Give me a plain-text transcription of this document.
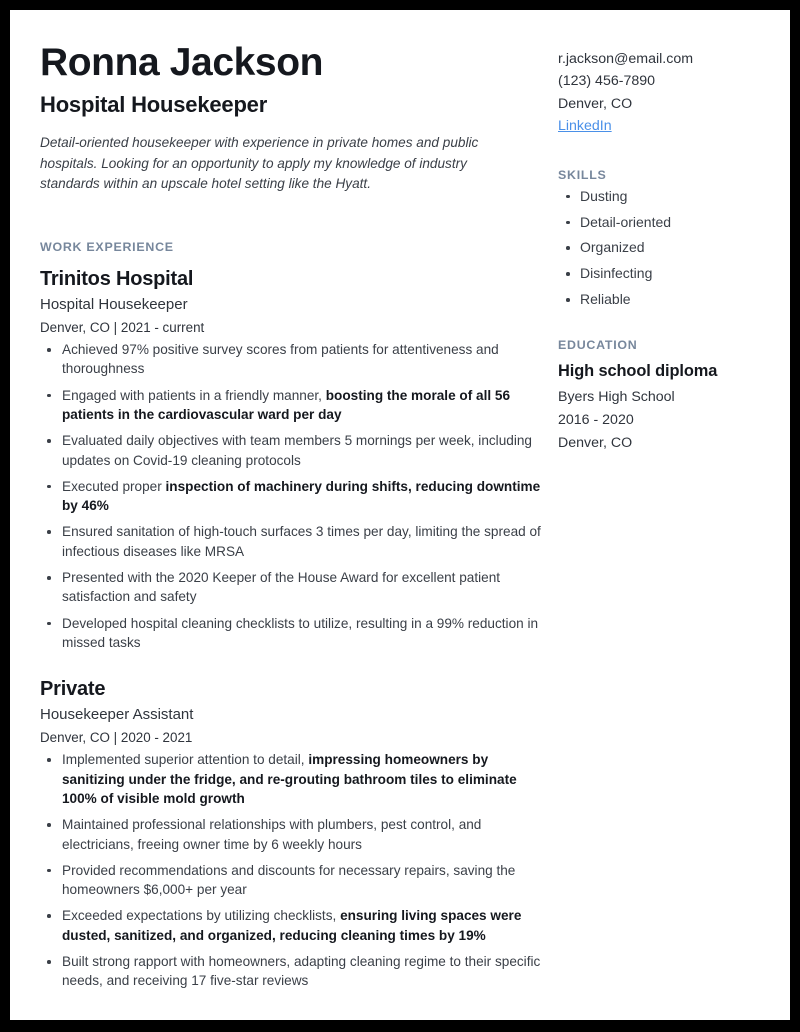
Ronna Jackson
Hospital Housekeeper

Detail-oriented housekeeper with experience in private homes and public hospitals. Looking for an opportunity to apply my knowledge of industry standards within an upscale hotel setting like the Hyatt.

WORK EXPERIENCE
Trinitos Hospital
Hospital Housekeeper
Denver, CO | 2021 - current
Achieved 97% positive survey scores from patients for attentiveness and thoroughness
Engaged with patients in a friendly manner, boosting the morale of all 56 patients in the cardiovascular ward per day
Evaluated daily objectives with team members 5 mornings per week, including updates on Covid-19 cleaning protocols
Executed proper inspection of machinery during shifts, reducing downtime by 46%
Ensured sanitation of high-touch surfaces 3 times per day, limiting the spread of infectious diseases like MRSA
Presented with the 2020 Keeper of the House Award for excellent patient satisfaction and safety
Developed hospital cleaning checklists to utilize, resulting in a 99% reduction in missed tasks
Private
Housekeeper Assistant
Denver, CO | 2020 - 2021
Implemented superior attention to detail, impressing homeowners by sanitizing under the fridge, and re-grouting bathroom tiles to eliminate 100% of visible mold growth
Maintained professional relationships with plumbers, pest control, and electricians, freeing owner time by 6 weekly hours
Provided recommendations and discounts for necessary repairs, saving the homeowners $6,000+ per year
Exceeded expectations by utilizing checklists, ensuring living spaces were dusted, sanitized, and organized, reducing cleaning times by 19%
Built strong rapport with homeowners, adapting cleaning regime to their specific needs, and receiving 17 five-star reviews

r.jackson@email.com

(123) 456-7890

Denver, CO

LinkedIn

SKILLS
Dusting
Detail-oriented
Organized
Disinfecting
Reliable
EDUCATION
High school diploma

Byers High School

2016 - 2020

Denver, CO
